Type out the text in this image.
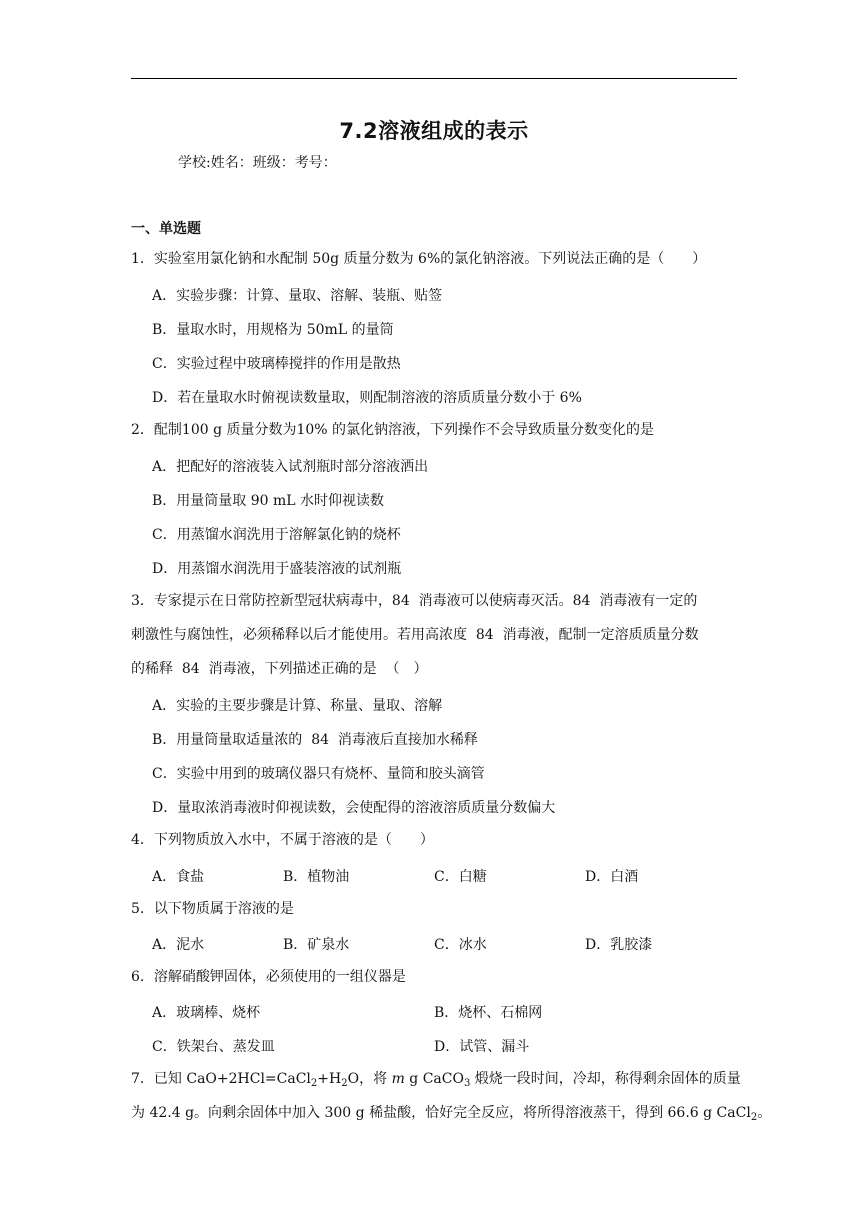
7.2溶液组成的表示
学校:姓名：班级：考号：
一、单选题
1．实验室用氯化钠和水配制 50g 质量分数为 6%的氯化钠溶液。下列说法正确的是（　　）
A．实验步骤：计算、量取、溶解、装瓶、贴签
B．量取水时，用规格为 50mL 的量筒
C．实验过程中玻璃棒搅拌的作用是散热
D．若在量取水时俯视读数量取，则配制溶液的溶质质量分数小于 6%
2．配制100 g 质量分数为10% 的氯化钠溶液，下列操作不会导致质量分数变化的是
A．把配好的溶液装入试剂瓶时部分溶液洒出
B．用量筒量取 90 mL 水时仰视读数
C．用蒸馏水润洗用于溶解氯化钠的烧杯
D．用蒸馏水润洗用于盛装溶液的试剂瓶
3．专家提示在日常防控新型冠状病毒中，84  消毒液可以使病毒灭活。84  消毒液有一定的
刺激性与腐蚀性，必须稀释以后才能使用。若用高浓度  84  消毒液，配制一定溶质质量分数
的稀释  84  消毒液，下列描述正确的是  （　）
A．实验的主要步骤是计算、称量、量取、溶解
B．用量筒量取适量浓的  84  消毒液后直接加水稀释
C．实验中用到的玻璃仪器只有烧杯、量筒和胶头滴管
D．量取浓消毒液时仰视读数，会使配得的溶液溶质质量分数偏大
4．下列物质放入水中，不属于溶液的是（　　）
A．食盐	B．植物油	C．白糖	D．白酒
5．以下物质属于溶液的是
A．泥水	B．矿泉水	C．冰水	D．乳胶漆
6．溶解硝酸钾固体，必须使用的一组仪器是
A．玻璃棒、烧杯	B．烧杯、石棉网
C．铁架台、蒸发皿	D．试管、漏斗
7．已知 $CaO+2HCl=CaCl_2+H_2O$，将 m g CaCO$_3$ 煅烧一段时间，冷却，称得剩余固体的质量
为 42.4 g。向剩余固体中加入 300 g 稀盐酸，恰好完全反应，将所得溶液蒸干，得到 66.6 g CaCl$_2$。
